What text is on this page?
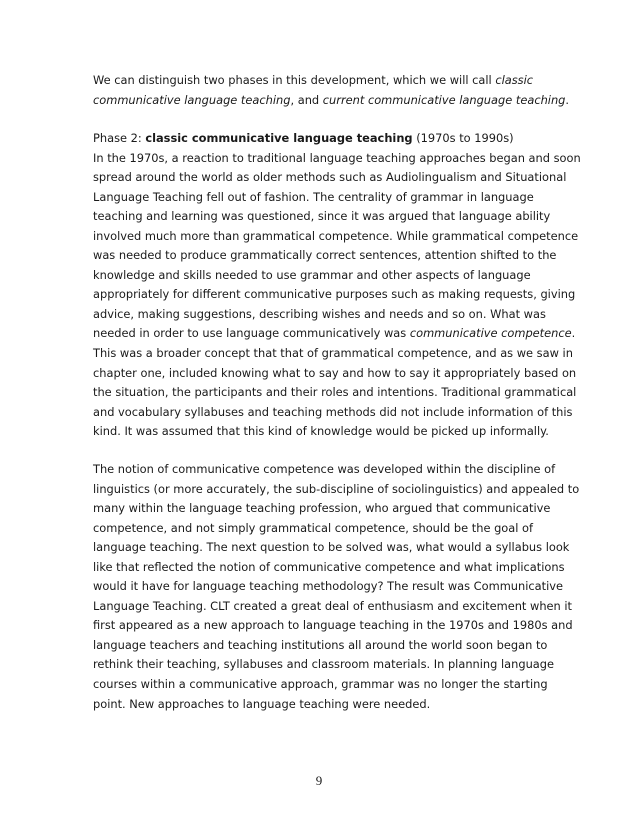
We can distinguish two phases in this development, which we will call classic
communicative language teaching, and current communicative language teaching.
Phase 2: classic communicative language teaching (1970s to 1990s)
In the 1970s, a reaction to traditional language teaching approaches began and soon
spread around the world as older methods such as Audiolingualism and Situational
Language Teaching fell out of fashion. The centrality of grammar in language
teaching and learning was questioned, since it was argued that language ability
involved much more than grammatical competence. While grammatical competence
was needed to produce grammatically correct sentences, attention shifted to the
knowledge and skills needed to use grammar and other aspects of language
appropriately for different communicative purposes such as making requests, giving
advice, making suggestions, describing wishes and needs and so on. What was
needed in order to use language communicatively was communicative competence.
This was a broader concept that that of grammatical competence, and as we saw in
chapter one, included knowing what to say and how to say it appropriately based on
the situation, the participants and their roles and intentions. Traditional grammatical
and vocabulary syllabuses and teaching methods did not include information of this
kind. It was assumed that this kind of knowledge would be picked up informally.
The notion of communicative competence was developed within the discipline of
linguistics (or more accurately, the sub-discipline of sociolinguistics) and appealed to
many within the language teaching profession, who argued that communicative
competence, and not simply grammatical competence, should be the goal of
language teaching. The next question to be solved was, what would a syllabus look
like that reflected the notion of communicative competence and what implications
would it have for language teaching methodology? The result was Communicative
Language Teaching. CLT created a great deal of enthusiasm and excitement when it
first appeared as a new approach to language teaching in the 1970s and 1980s and
language teachers and teaching institutions all around the world soon began to
rethink their teaching, syllabuses and classroom materials. In planning language
courses within a communicative approach, grammar was no longer the starting
point. New approaches to language teaching were needed.
9
